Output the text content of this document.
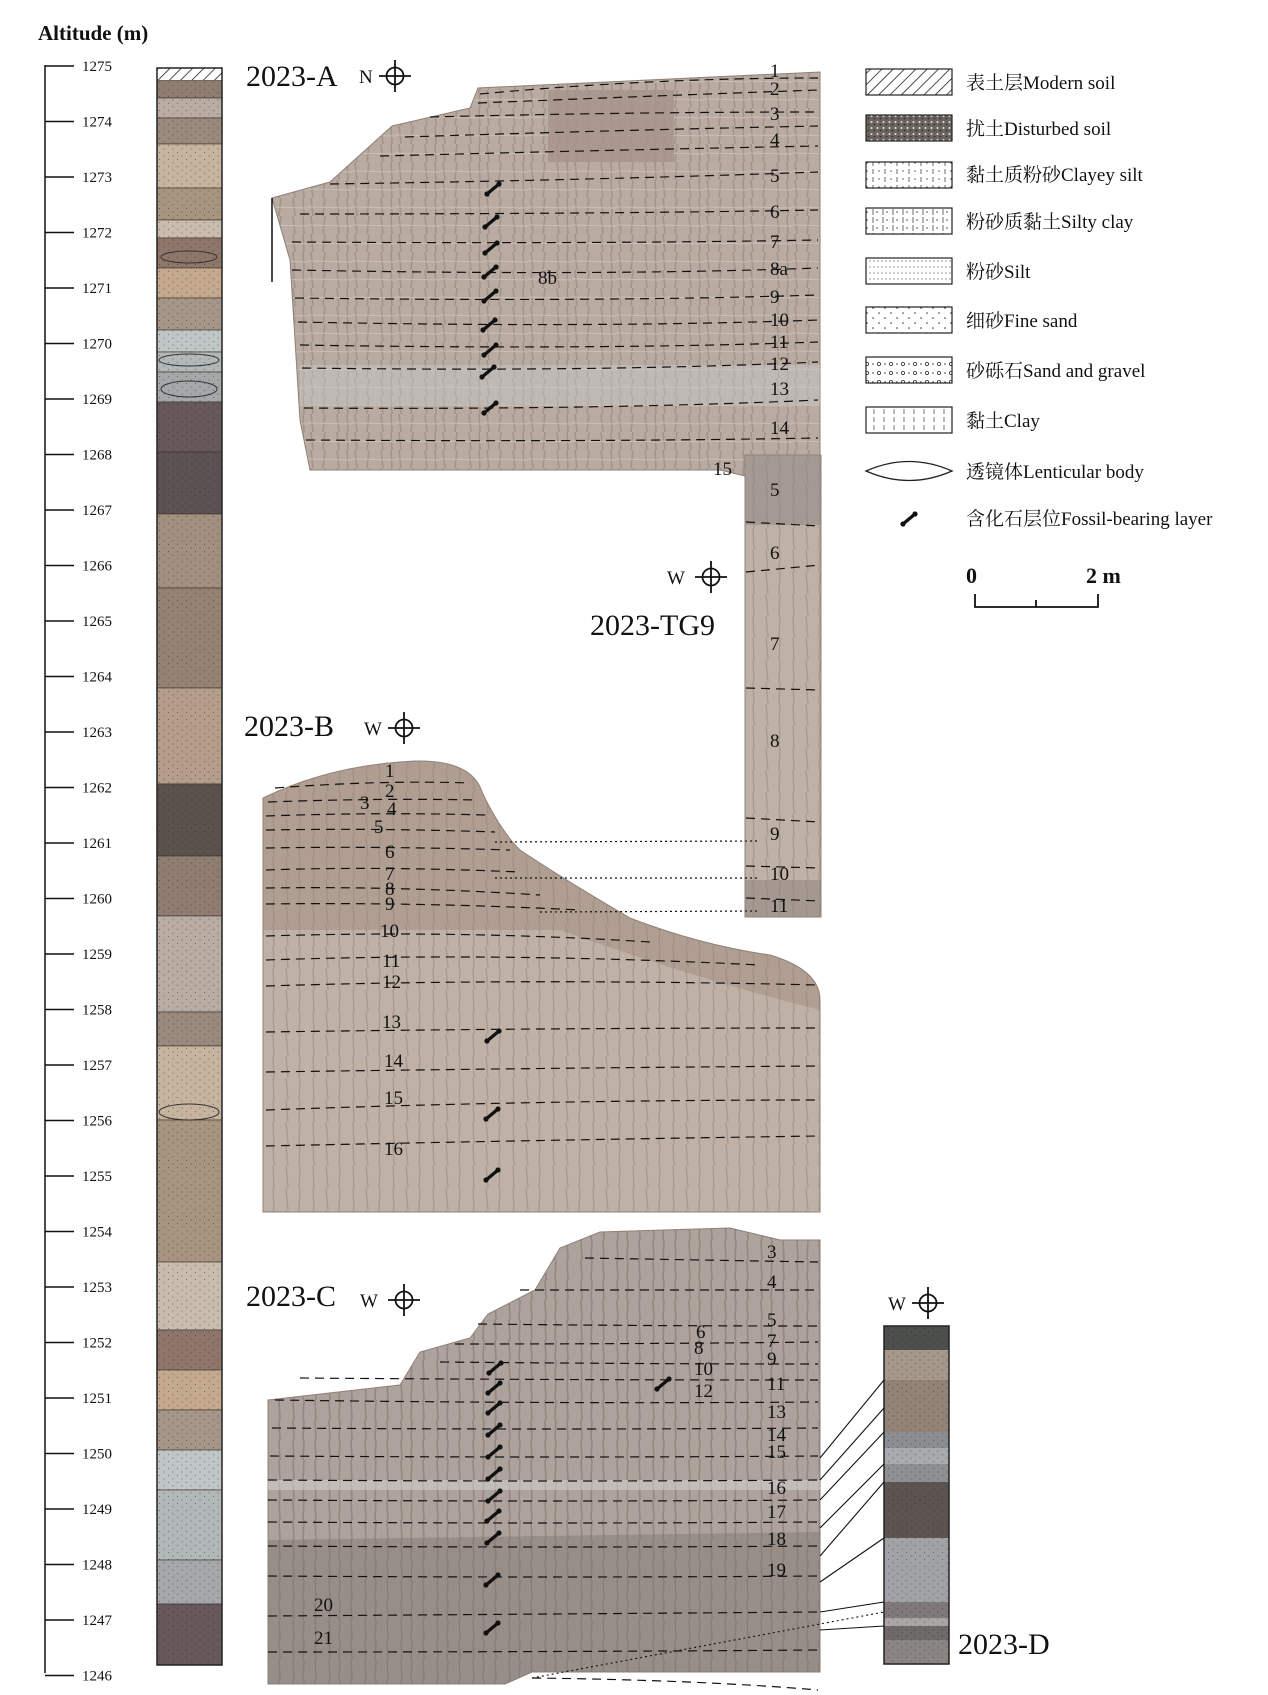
Altitude (m)
1275
1274
1273
1272
1271
1270
1269
1268
1267
1266
1265
1264
1263
1262
1261
1260
1259
1258
1257
1256
1255
1254
1253
1252
1251
1250
1249
1248
1247
1246
1
2
3
4
5
6
7
8a
9
10
11
12
13
14
8b
15
2023-A N
5
6
7
8
9
10
11
2023-TG9
W
1
2
3 4
5
6
7
8
9
10
11
12
13
14
15
16
2023-B W
3
4
5
6	7
8
9
10
11
12
13
14
15
16
17
18
19
20
21
2023-C W
2023-D
W
表土层Modern soil
扰土Disturbed soil
黏土质粉砂Clayey silt
粉砂质黏土Silty clay
粉砂Silt
细砂Fine sand
砂砾石Sand and gravel
黏土Clay
透镜体Lenticular body
含化石层位Fossil-bearing layer
0	2 m
